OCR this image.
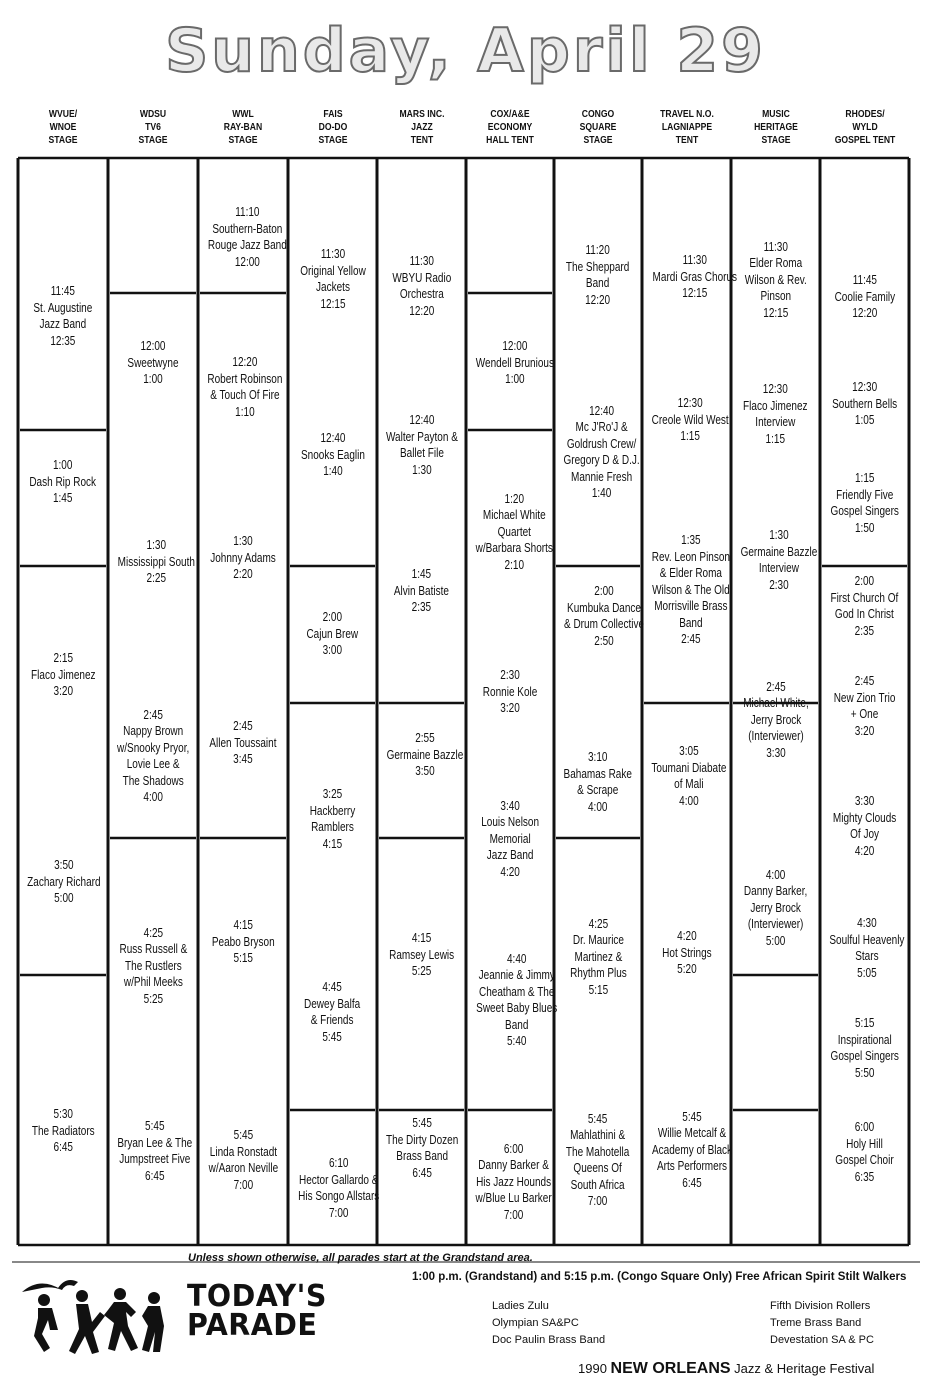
Sunday, April 29
WVUE/
WNOE
STAGE
WDSU
TV6
STAGE
WWL
RAY-BAN
STAGE
FAIS
DO-DO
STAGE
MARS INC.
JAZZ
TENT
COX/A&E
ECONOMY
HALL TENT
CONGO
SQUARE
STAGE
TRAVEL N.O.
LAGNIAPPE
TENT
MUSIC
HERITAGE
STAGE
RHODES/
WYLD
GOSPEL TENT
11:45
St. Augustine
Jazz Band
12:35
1:00
Dash Rip Rock
1:45
2:15
Flaco Jimenez
3:20
3:50
Zachary Richard
5:00
5:30
The Radiators
6:45
12:00
Sweetwyne
1:00
1:30
Mississippi South
2:25
2:45
Nappy Brown
w/Snooky Pryor,
Lovie Lee &
The Shadows
4:00
4:25
Russ Russell &
The Rustlers
w/Phil Meeks
5:25
5:45
Bryan Lee & The
Jumpstreet Five
6:45
11:10
Southern-Baton
Rouge Jazz Band
12:00
12:20
Robert Robinson
& Touch Of Fire
1:10
1:30
Johnny Adams
2:20
2:45
Allen Toussaint
3:45
4:15
Peabo Bryson
5:15
5:45
Linda Ronstadt
w/Aaron Neville
7:00
11:30
Original Yellow
Jackets
12:15
12:40
Snooks Eaglin
1:40
2:00
Cajun Brew
3:00
3:25
Hackberry
Ramblers
4:15
4:45
Dewey Balfa
& Friends
5:45
6:10
Hector Gallardo &
His Songo Allstars
7:00
11:30
WBYU Radio
Orchestra
12:20
12:40
Walter Payton &
Ballet File
1:30
1:45
Alvin Batiste
2:35
2:55
Germaine Bazzle
3:50
4:15
Ramsey Lewis
5:25
5:45
The Dirty Dozen
Brass Band
6:45
12:00
Wendell Brunious
1:00
1:20
Michael White
Quartet
w/Barbara Shorts
2:10
2:30
Ronnie Kole
3:20
3:40
Louis Nelson
Memorial
Jazz Band
4:20
4:40
Jeannie & Jimmy
Cheatham & The
Sweet Baby Blues
Band
5:40
6:00
Danny Barker &
His Jazz Hounds
w/Blue Lu Barker
7:00
11:20
The Sheppard
Band
12:20
12:40
Mc J'Ro'J &
Goldrush Crew/
Gregory D & D.J.
Mannie Fresh
1:40
2:00
Kumbuka Dance
& Drum Collective
2:50
3:10
Bahamas Rake
& Scrape
4:00
4:25
Dr. Maurice
Martinez &
Rhythm Plus
5:15
5:45
Mahlathini &
The Mahotella
Queens Of
South Africa
7:00
11:30
Mardi Gras Chorus
12:15
12:30
Creole Wild West
1:15
1:35
Rev. Leon Pinson
& Elder Roma
Wilson & The Old
Morrisville Brass
Band
2:45
3:05
Toumani Diabate
of Mali
4:00
4:20
Hot Strings
5:20
5:45
Willie Metcalf &
Academy of Black
Arts Performers
6:45
11:30
Elder Roma
Wilson & Rev.
Pinson
12:15
12:30
Flaco Jimenez
Interview
1:15
1:30
Germaine Bazzle
Interview
2:30
2:45
Michael White,
Jerry Brock
(Interviewer)
3:30
4:00
Danny Barker,
Jerry Brock
(Interviewer)
5:00
11:45
Coolie Family
12:20
12:30
Southern Bells
1:05
1:15
Friendly Five
Gospel Singers
1:50
2:00
First Church Of
God In Christ
2:35
2:45
New Zion Trio
+ One
3:20
3:30
Mighty Clouds
Of Joy
4:20
4:30
Soulful Heavenly
Stars
5:05
5:15
Inspirational
Gospel Singers
5:50
6:00
Holy Hill
Gospel Choir
6:35
Unless shown otherwise, all parades start at the Grandstand area.
TODAY'S
PARADE
1:00 p.m. (Grandstand) and 5:15 p.m. (Congo Square Only) Free African Spirit Stilt Walkers
Ladies Zulu
Olympian SA&PC
Doc Paulin Brass Band
Fifth Division Rollers
Treme Brass Band
Devestation SA & PC
1990 NEW ORLEANS Jazz & Heritage Festival
